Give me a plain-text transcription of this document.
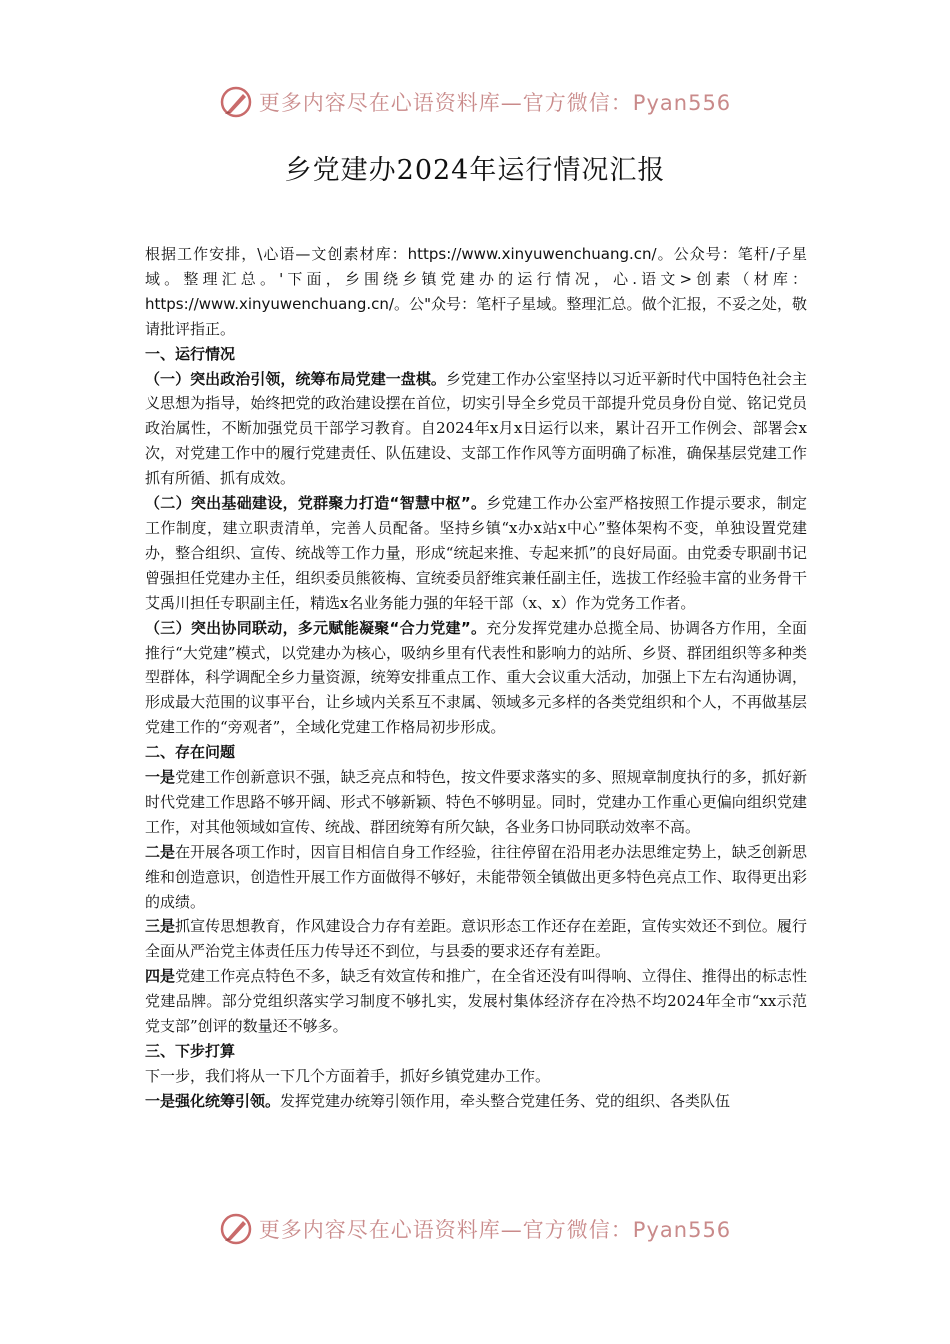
更多内容尽在心语资料库—官方微信：Pyan556
乡党建办2024年运行情况汇报

根据工作安排，\心语—文创素材库：https://www.xinyuwenchuang.cn/。公众号：笔杆/子星域。整理汇总。'下面，乡围绕乡镇党建办的运行情况，心.语文>创素（材库：https://www.xinyuwenchuang.cn/。公"众号：笔杆子星域。整理汇总。做个汇报，不妥之处，敬请批评指正。

一、运行情况

（一）突出政治引领，统筹布局党建一盘棋。乡党建工作办公室坚持以习近平新时代中国特色社会主义思想为指导，始终把党的政治建设摆在首位，切实引导全乡党员干部提升党员身份自觉、铭记党员政治属性，不断加强党员干部学习教育。自2024年x月x日运行以来，累计召开工作例会、部署会x次，对党建工作中的履行党建责任、队伍建设、支部工作作风等方面明确了标准，确保基层党建工作抓有所循、抓有成效。

（二）突出基础建设，党群聚力打造“智慧中枢”。乡党建工作办公室严格按照工作提示要求，制定工作制度，建立职责清单，完善人员配备。坚持乡镇“x办x站x中心”整体架构不变，单独设置党建办，整合组织、宣传、统战等工作力量，形成“统起来推、专起来抓”的良好局面。由党委专职副书记曾强担任党建办主任，组织委员熊筱梅、宣统委员舒维宾兼任副主任，选拔工作经验丰富的业务骨干艾禹川担任专职副主任，精选x名业务能力强的年轻干部（x、x）作为党务工作者。

（三）突出协同联动，多元赋能凝聚“合力党建”。充分发挥党建办总揽全局、协调各方作用，全面推行“大党建”模式，以党建办为核心，吸纳乡里有代表性和影响力的站所、乡贤、群团组织等多种类型群体，科学调配全乡力量资源，统筹安排重点工作、重大会议重大活动，加强上下左右沟通协调，形成最大范围的议事平台，让乡域内关系互不隶属、领域多元多样的各类党组织和个人，不再做基层党建工作的“旁观者”，全域化党建工作格局初步形成。

二、存在问题

一是党建工作创新意识不强，缺乏亮点和特色，按文件要求落实的多、照规章制度执行的多，抓好新时代党建工作思路不够开阔、形式不够新颖、特色不够明显。同时，党建办工作重心更偏向组织党建工作，对其他领域如宣传、统战、群团统筹有所欠缺，各业务口协同联动效率不高。

二是在开展各项工作时，因盲目相信自身工作经验，往往停留在沿用老办法思维定势上，缺乏创新思维和创造意识，创造性开展工作方面做得不够好，未能带领全镇做出更多特色亮点工作、取得更出彩的成绩。

三是抓宣传思想教育，作风建设合力存有差距。意识形态工作还存在差距，宣传实效还不到位。履行全面从严治党主体责任压力传导还不到位，与县委的要求还存有差距。

四是党建工作亮点特色不多，缺乏有效宣传和推广，在全省还没有叫得响、立得住、推得出的标志性党建品牌。部分党组织落实学习制度不够扎实，发展村集体经济存在冷热不均2024年全市“xx示范党支部”创评的数量还不够多。

三、下步打算

下一步，我们将从一下几个方面着手，抓好乡镇党建办工作。

一是强化统筹引领。发挥党建办统筹引领作用，牵头整合党建任务、党的组织、各类队伍

更多内容尽在心语资料库—官方微信：Pyan556
